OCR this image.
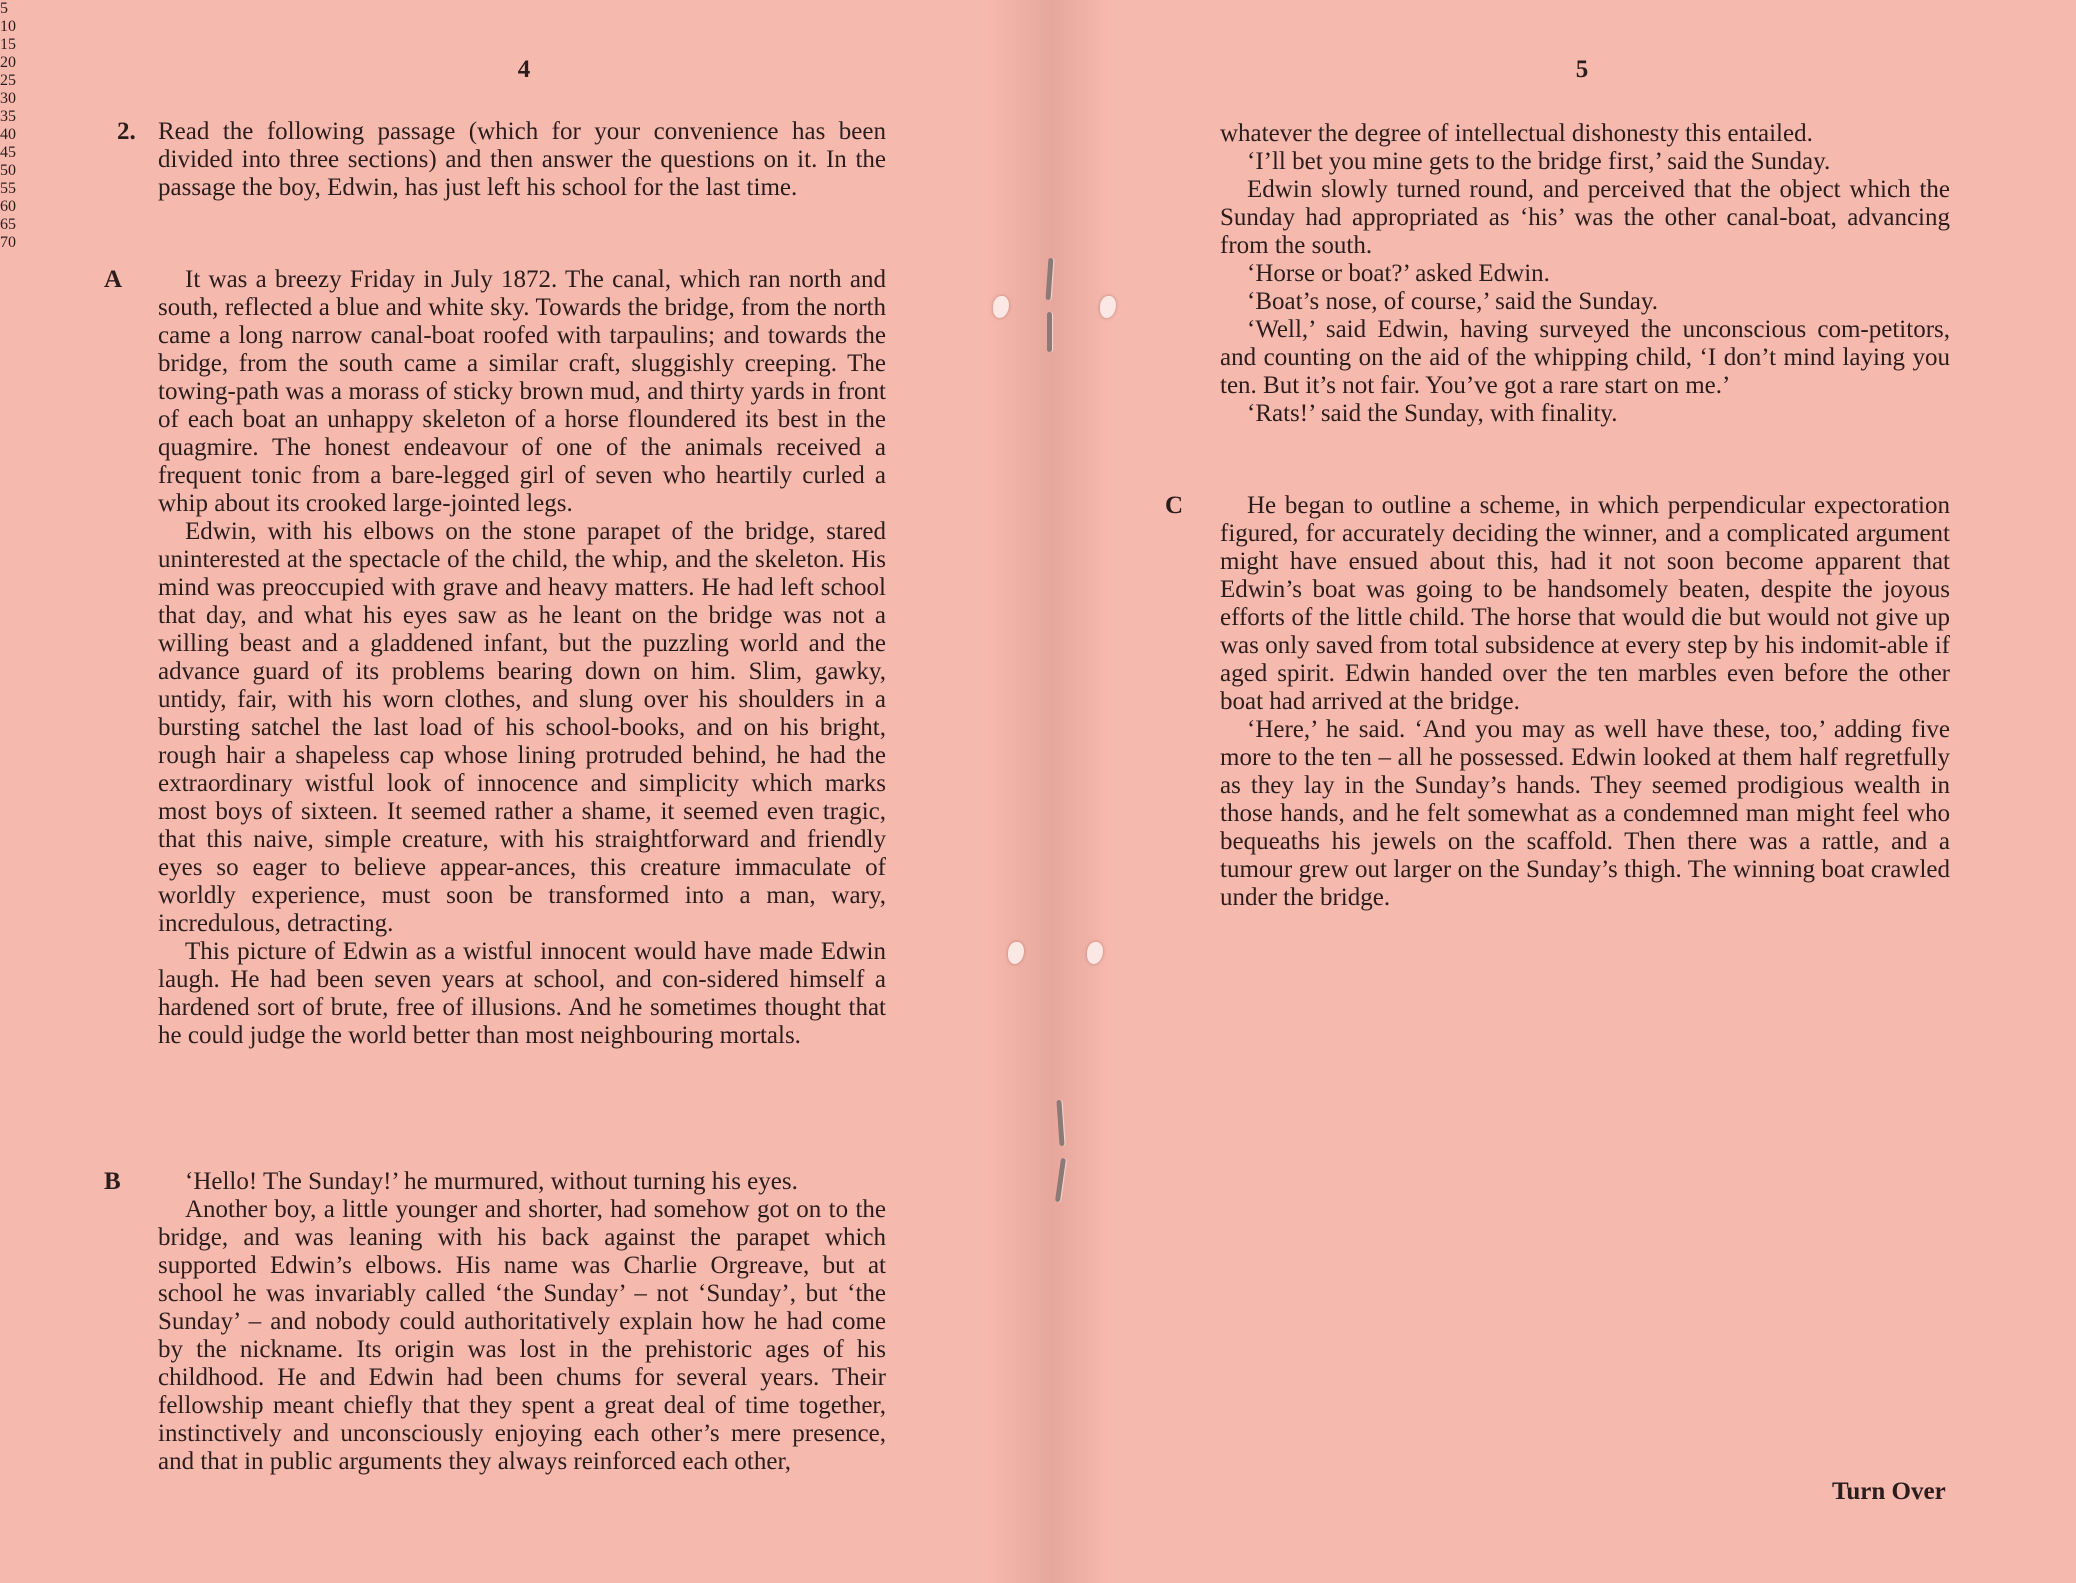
4
2. Read the following passage (which for your convenience has been divided into three sections) and then answer the questions on it. In the passage the boy, Edwin, has just left his school for the last time.

A	It was a breezy Friday in July 1872. The canal, which ran north and south, reflected a blue and white sky. Towards the bridge, from the north came a long narrow canal-boat roofed with tarpaulins; and towards the bridge, from the south came a similar craft, sluggishly creeping. The towing-path was a morass of sticky brown mud, and thirty yards in front of each boat an unhappy skeleton of a horse floundered its best in the quagmire. The honest endeavour of one of the animals received a frequent tonic from a bare-legged girl of seven who heartily curled a whip about its crooked large-jointed legs.

Edwin, with his elbows on the stone parapet of the bridge, stared uninterested at the spectacle of the child, the whip, and the skeleton. His mind was preoccupied with grave and heavy matters. He had left school that day, and what his eyes saw as he leant on the bridge was not a willing beast and a gladdened infant, but the puzzling world and the advance guard of its problems bearing down on him. Slim, gawky, untidy, fair, with his worn clothes, and slung over his shoulders in a bursting satchel the last load of his school-books, and on his bright, rough hair a shapeless cap whose lining protruded behind, he had the extraordinary wistful look of innocence and simplicity which marks most boys of sixteen. It seemed rather a shame, it seemed even tragic, that this naive, simple creature, with his straightforward and friendly eyes so eager to believe appear-ances, this creature immaculate of worldly experience, must soon be transformed into a man, wary, incredulous, detracting.

This picture of Edwin as a wistful innocent would have made Edwin laugh. He had been seven years at school, and con-sidered himself a hardened sort of brute, free of illusions. And he sometimes thought that he could judge the world better than most neighbouring mortals.

B	‘Hello! The Sunday!’ he murmured, without turning his eyes.

Another boy, a little younger and shorter, had somehow got on to the bridge, and was leaning with his back against the parapet which supported Edwin’s elbows. His name was Charlie Orgreave, but at school he was invariably called ‘the Sunday’ – not ‘Sunday’, but ‘the Sunday’ – and nobody could authoritatively explain how he had come by the nickname. Its origin was lost in the prehistoric ages of his childhood. He and Edwin had been chums for several years. Their fellowship meant chiefly that they spent a great deal of time together, instinctively and unconsciously enjoying each other’s mere presence, and that in public arguments they always reinforced each other,

5
10
15
20
25
30
35
40
5

whatever the degree of intellectual dishonesty this entailed.

‘I’ll bet you mine gets to the bridge first,’ said the Sunday.

Edwin slowly turned round, and perceived that the object which the Sunday had appropriated as ‘his’ was the other canal-boat, advancing from the south.

‘Horse or boat?’ asked Edwin.

‘Boat’s nose, of course,’ said the Sunday.

‘Well,’ said Edwin, having surveyed the unconscious com-petitors, and counting on the aid of the whipping child, ‘I don’t mind laying you ten. But it’s not fair. You’ve got a rare start on me.’

‘Rats!’ said the Sunday, with finality.

C	He began to outline a scheme, in which perpendicular expectoration figured, for accurately deciding the winner, and a complicated argument might have ensued about this, had it not soon become apparent that Edwin’s boat was going to be handsomely beaten, despite the joyous efforts of the little child. The horse that would die but would not give up was only saved from total subsidence at every step by his indomit-able if aged spirit. Edwin handed over the ten marbles even before the other boat had arrived at the bridge.

‘Here,’ he said. ‘And you may as well have these, too,’ adding five more to the ten – all he possessed. Edwin looked at them half regretfully as they lay in the Sunday’s hands. They seemed prodigious wealth in those hands, and he felt somewhat as a condemned man might feel who bequeaths his jewels on the scaffold. Then there was a rattle, and a tumour grew out larger on the Sunday’s thigh. The winning boat crawled under the bridge.

45
50
55
60
65
70
Turn Over
